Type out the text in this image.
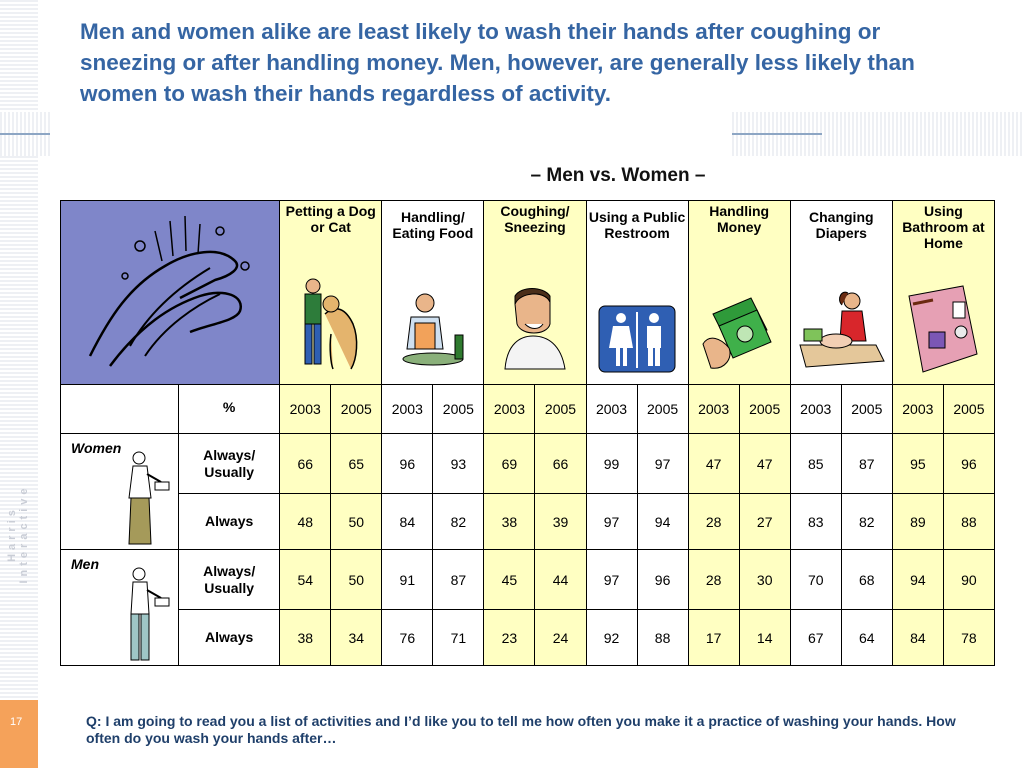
Harris Interactive
17
Men and women alike are least likely to wash their hands after coughing or sneezing or after handling money. Men, however, are generally less likely than women to wash their hands regardless of activity.
– Men vs. Women –

Petting a Dog or Cat		Handling/ Eating Food		Coughing/ Sneezing		Using a Public Restroom		Handling Money		Changing Diapers		Using Bathroom at Home	

	%	2003	2005	2003	2005	2003	2005	2003	2005	2003	2005	2003	2005	2003	2005

Women	Always/ Usually	66	65	96	93	69	66	99	97	47	47	85	87	95	96
	Always	48	50	84	82	38	39	97	94	28	27	83	82	89	88

Men	Always/ Usually	54	50	91	87	45	44	97	96	28	30	70	68	94	90
	Always	38	34	76	71	23	24	92	88	17	14	67	64	84	78
Q: I am going to read you a list of activities and I’d like you to tell me how often you make it a practice of washing your hands. How often do you wash your hands after…
